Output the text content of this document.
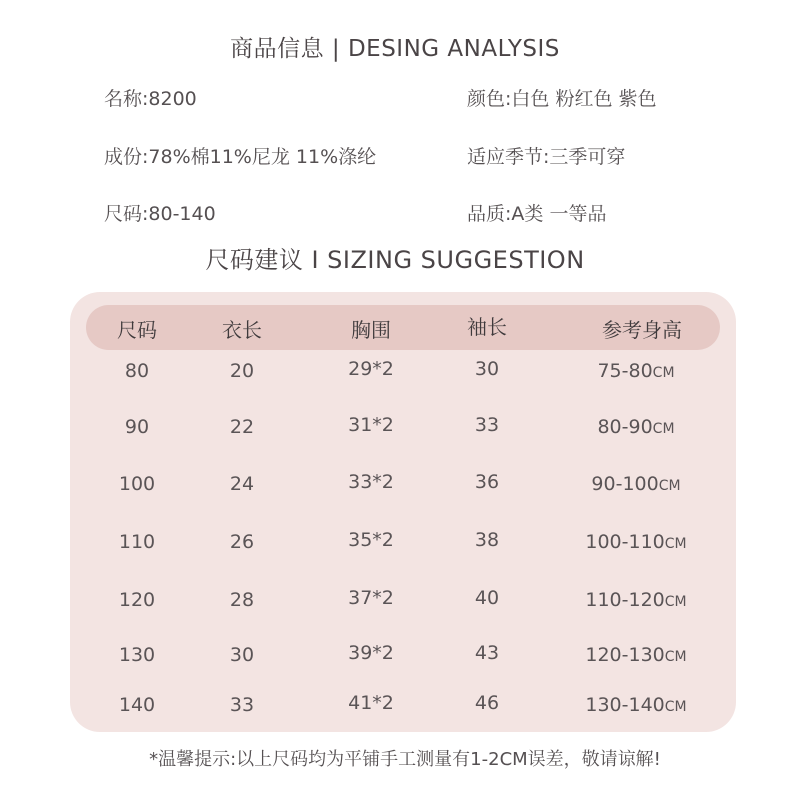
商品信息 | DESING ANALYSIS
名称:8200	颜色:白色 粉红色 紫色
成份:78%棉11%尼龙 11%涤纶	适应季节:三季可穿
尺码:80-140	品质:A类 一等品
尺码建议 I SIZING SUGGESTION
尺码	衣长	胸围	袖长	参考身高
80	20	29*2	30	75-80CM
90	22	31*2	33	80-90CM
100	24	33*2	36	90-100CM
110	26	35*2	38	100-110CM
120	28	37*2	40	110-120CM
130	30	39*2	43	120-130CM
140	33	41*2	46	130-140CM
*温馨提示:以上尺码均为平铺手工测量有1-2CM误差，敬请谅解!
